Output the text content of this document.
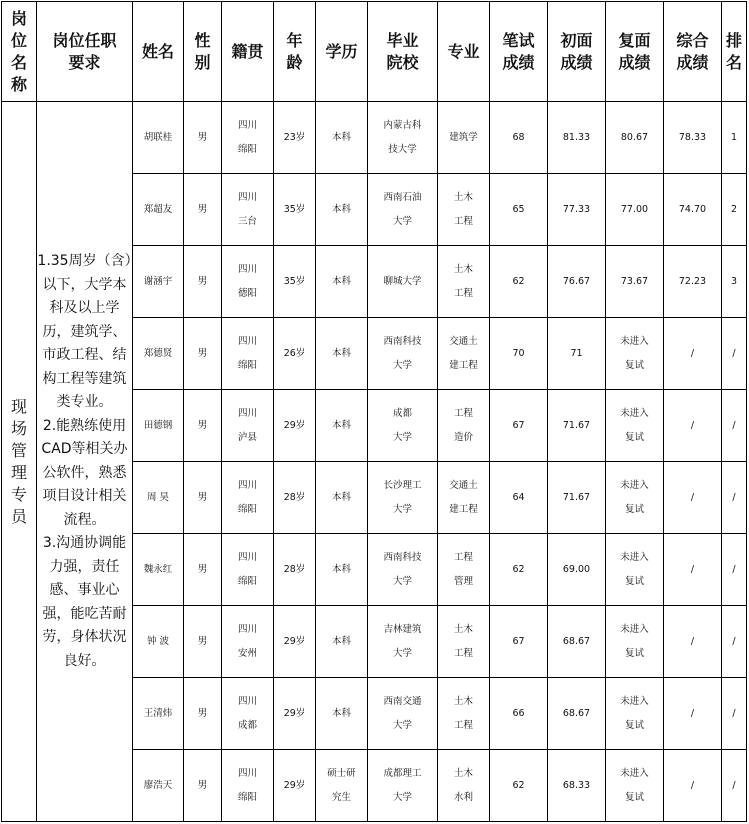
岗位名称	岗位任职要求	姓名	性别	籍贯	年龄	学历	毕业院校	专业	笔试成绩	初面成绩	复面成绩	综合成绩	排名

现场管理专员	1.35周岁（含）以下，大学本科及以上学历，建筑学、市政工程、结构工程等建筑类专业。
2.能熟练使用CAD等相关办公软件，熟悉项目设计相关流程。
3.沟通协调能力强，责任感、事业心强，能吃苦耐劳，身体状况良好。	胡联桂	男	四川
绵阳	23岁	本科	内蒙古科
技大学	建筑学	68	81.33	80.67	78.33	1
		郑超友	男	四川
三台	35岁	本科	西南石油
大学	土木
工程	65	77.33	77.00	74.70	2
		谢涵宇	男	四川
德阳	35岁	本科	聊城大学	土木
工程	62	76.67	73.67	72.23	3
		郑德贤	男	四川
绵阳	26岁	本科	西南科技
大学	交通土
建工程	70	71	未进入
复试	/	/
		田德钢	男	四川
泸县	29岁	本科	成都
大学	工程
造价	67	71.67	未进入
复试	/	/
		周 昊	男	四川
绵阳	28岁	本科	长沙理工
大学	交通土
建工程	64	71.67	未进入
复试	/	/
		魏永红	男	四川
绵阳	28岁	本科	西南科技
大学	工程
管理	62	69.00	未进入
复试	/	/
		钟 波	男	四川
安州	29岁	本科	吉林建筑
大学	土木
工程	67	68.67	未进入
复试	/	/
		王清炜	男	四川
成都	29岁	本科	西南交通
大学	土木
工程	66	68.67	未进入
复试	/	/
		廖浩天	男	四川
绵阳	29岁	硕士研
究生	成都理工
大学	土木
水利	62	68.33	未进入
复试	/	/
